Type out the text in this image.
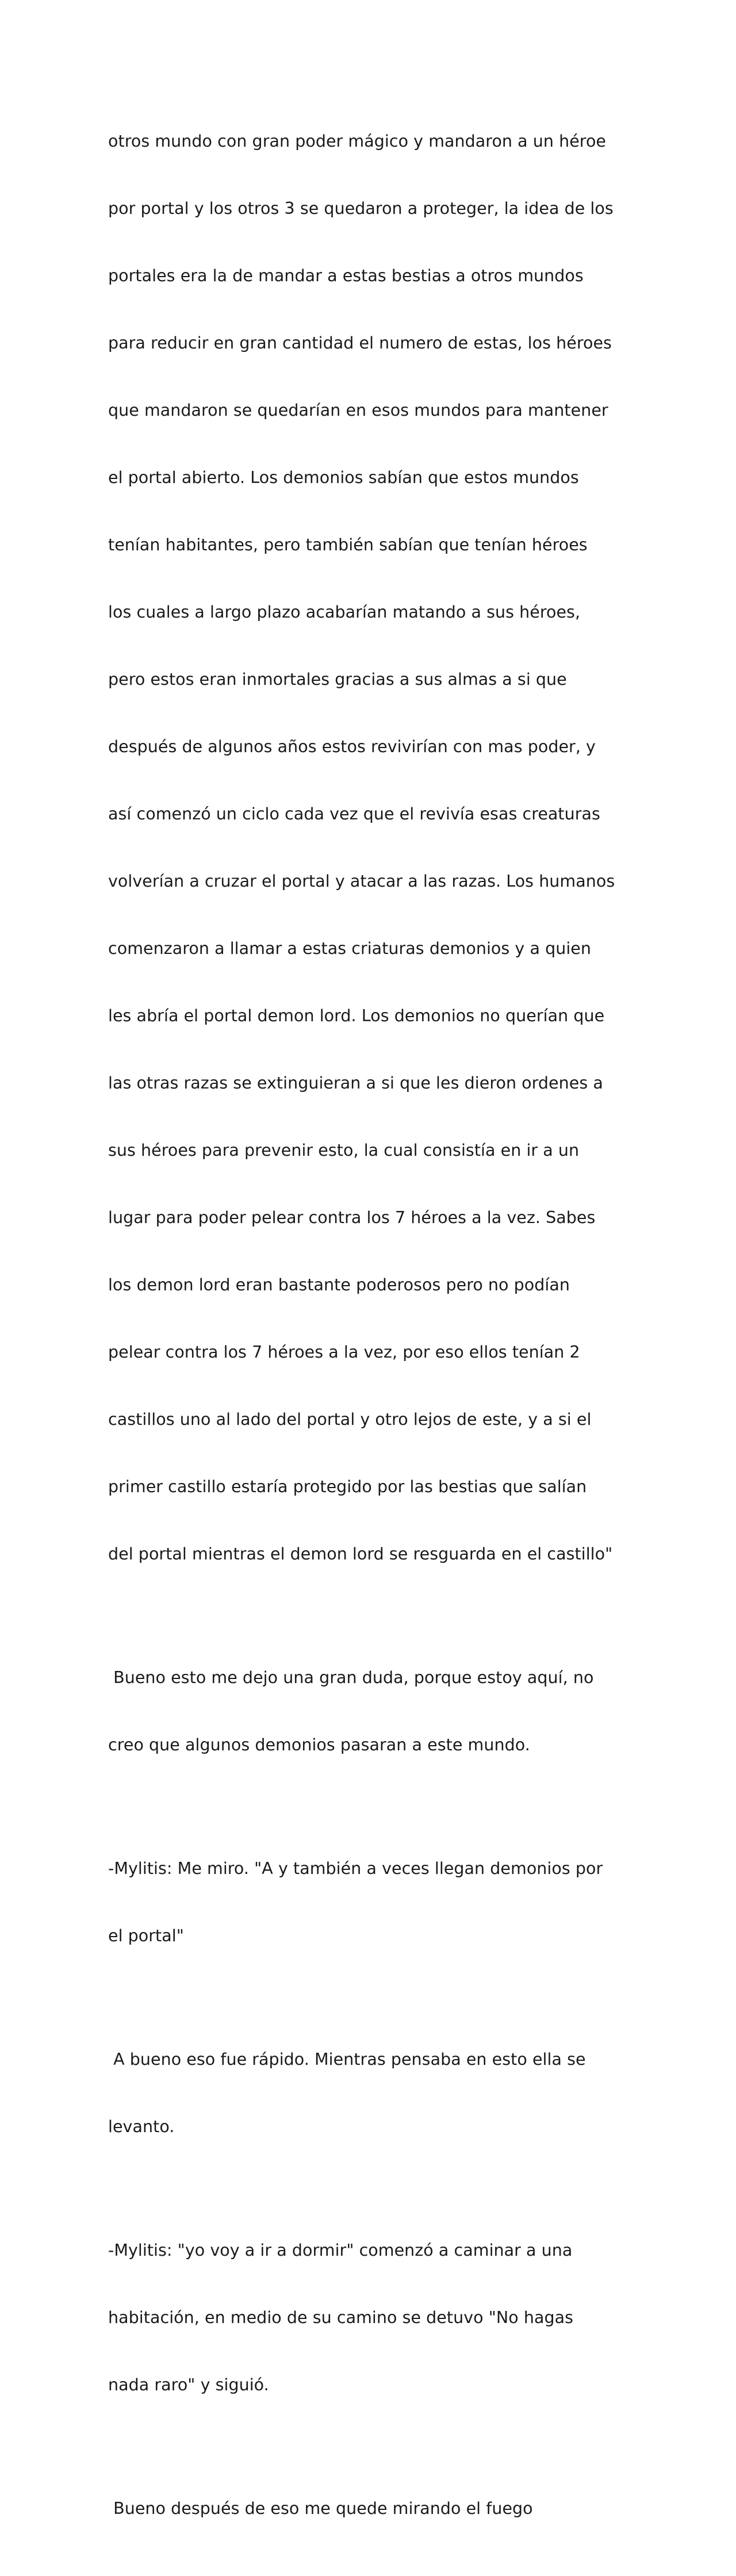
otros mundo con gran poder mágico y mandaron a un héroe

por portal y los otros 3 se quedaron a proteger, la idea de los

portales era la de mandar a estas bestias a otros mundos

para reducir en gran cantidad el numero de estas, los héroes

que mandaron se quedarían en esos mundos para mantener

el portal abierto. Los demonios sabían que estos mundos

tenían habitantes, pero también sabían que tenían héroes

los cuales a largo plazo acabarían matando a sus héroes,

pero estos eran inmortales gracias a sus almas a si que

después de algunos años estos revivirían con mas poder, y

así comenzó un ciclo cada vez que el revivía esas creaturas

volverían a cruzar el portal y atacar a las razas. Los humanos

comenzaron a llamar a estas criaturas demonios y a quien

les abría el portal demon lord. Los demonios no querían que

las otras razas se extinguieran a si que les dieron ordenes a

sus héroes para prevenir esto, la cual consistía en ir a un

lugar para poder pelear contra los 7 héroes a la vez. Sabes

los demon lord eran bastante poderosos pero no podían

pelear contra los 7 héroes a la vez, por eso ellos tenían 2

castillos uno al lado del portal y otro lejos de este, y a si el

primer castillo estaría protegido por las bestias que salían

del portal mientras el demon lord se resguarda en el castillo"

Bueno esto me dejo una gran duda, porque estoy aquí, no

creo que algunos demonios pasaran a este mundo.

-Mylitis: Me miro. "A y también a veces llegan demonios por

el portal"

A bueno eso fue rápido. Mientras pensaba en esto ella se

levanto.

-Mylitis: "yo voy a ir a dormir" comenzó a caminar a una

habitación, en medio de su camino se detuvo "No hagas

nada raro" y siguió.

Bueno después de eso me quede mirando el fuego
